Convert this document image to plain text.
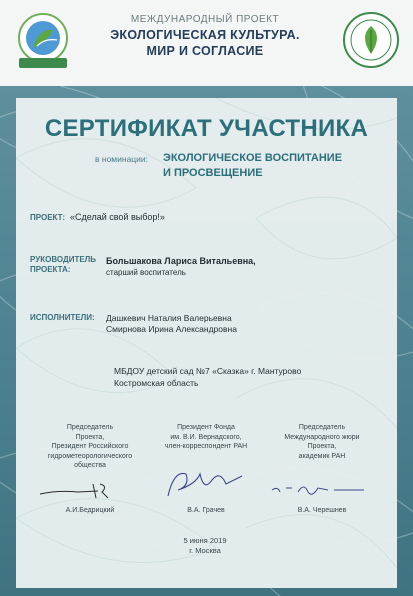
МЕЖДУНАРОДНЫЙ ПРОЕКТ
ЭКОЛОГИЧЕСКАЯ КУЛЬТУРА.
МИР И СОГЛАСИЕ
СЕРТИФИКАТ УЧАСТНИКА
в номинации: ЭКОЛОГИЧЕСКОЕ ВОСПИТАНИЕ
И ПРОСВЕЩЕНИЕ
ПРОЕКТ: «Сделай свой выбор!»
РУКОВОДИТЕЛЬ
ПРОЕКТА:
Большакова Лариса Витальевна,
старший воспитатель
ИСПОЛНИТЕЛИ: Дашкевич Наталия Валерьевна
Смирнова Ирина Александровна
МБДОУ детский сад №7 «Сказка» г. Мантурово
Костромская область
Председатель
Проекта,
Президент Российского
гидрометеорологического
общества
А.И.Бедрицкий
Президент Фонда
им. В.И. Вернадского,
член-корреспондент РАН
В.А. Грачев
Председатель
Международного жюри
Проекта,
академик РАН
В.А. Черешнев
5 июня 2019
г. Москва
